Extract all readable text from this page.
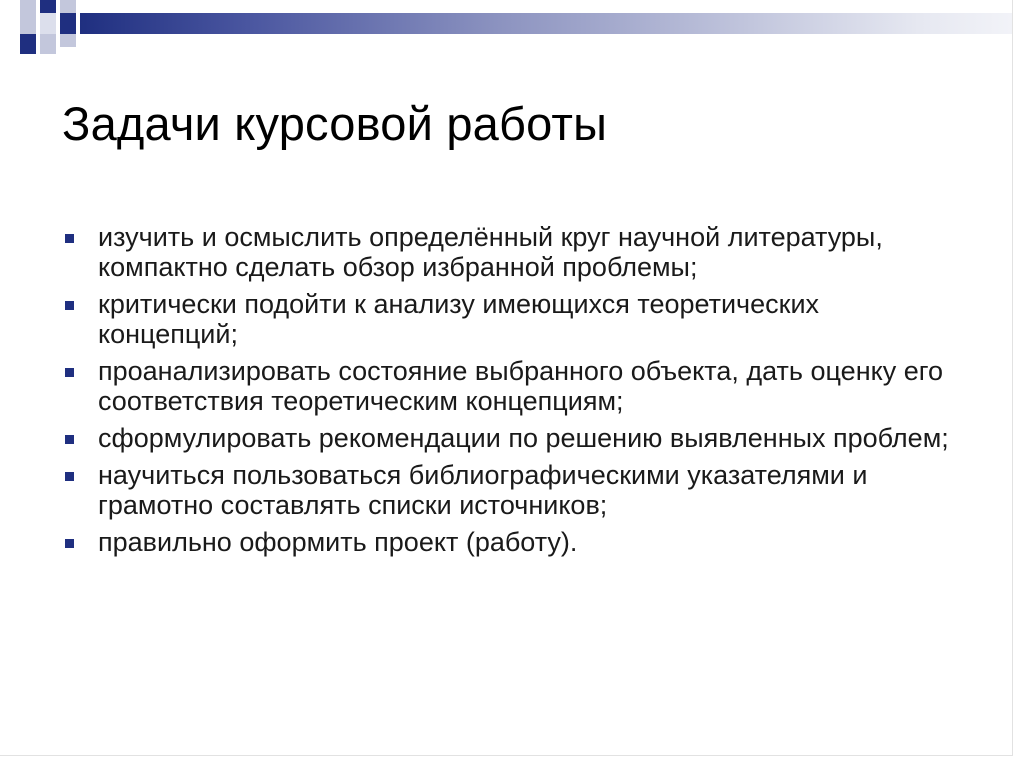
Задачи курсовой работы
изучить и осмыслить определённый круг научной литературы, компактно сделать обзор избранной проблемы;
критически подойти к анализу имеющихся теоретических концепций;
проанализировать состояние выбранного объекта, дать оценку его соответствия теоретическим концепциям;
сформулировать рекомендации по решению выявленных проблем;
научиться пользоваться библиографическими указателями и грамотно составлять списки источников;
правильно оформить проект (работу).
